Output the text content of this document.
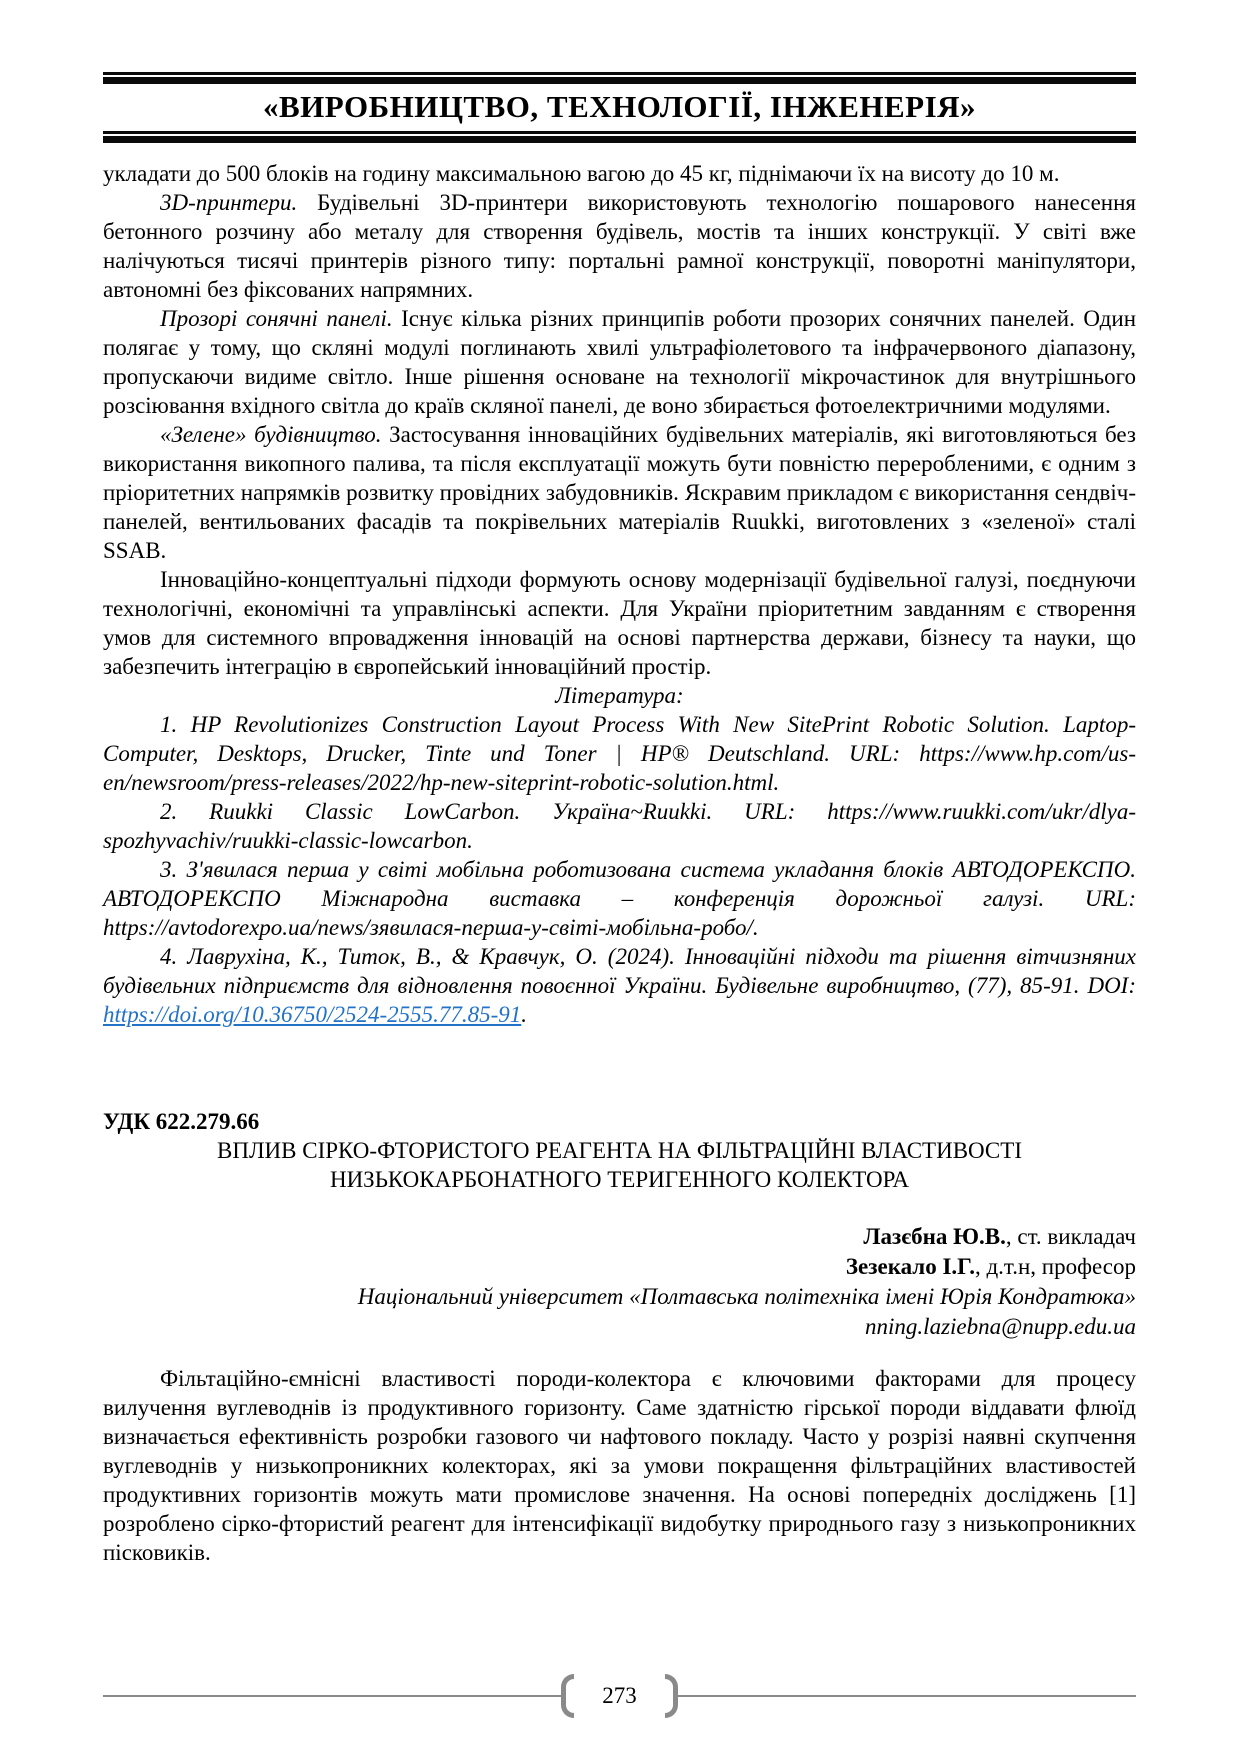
«ВИРОБНИЦТВО, ТЕХНОЛОГІЇ, ІНЖЕНЕРІЯ»

укладати до 500 блоків на годину максимальною вагою до 45 кг, піднімаючи їх на висоту до 10 м.

3D-принтери. Будівельні 3D-принтери використовують технологію пошарового нанесення бетонного розчину або металу для створення будівель, мостів та інших конструкції. У світі вже налічуються тисячі принтерів різного типу: портальні рамної конструкції, поворотні маніпулятори, автономні без фіксованих напрямних.

Прозорі сонячні панелі. Існує кілька різних принципів роботи прозорих сонячних панелей. Один полягає у тому, що скляні модулі поглинають хвилі ультрафіолетового та інфрачервоного діапазону, пропускаючи видиме світло. Інше рішення основане на технології мікрочастинок для внутрішнього розсіювання вхідного світла до країв скляної панелі, де воно збирається фотоелектричними модулями.

«Зелене» будівництво. Застосування інноваційних будівельних матеріалів, які виготовляються без використання викопного палива, та після експлуатації можуть бути повністю переробленими, є одним з пріоритетних напрямків розвитку провідних забудовників. Яскравим прикладом є використання сендвіч-панелей, вентильованих фасадів та покрівельних матеріалів Ruukki, виготовлених з «зеленої» сталі SSAB.

Інноваційно-концептуальні підходи формують основу модернізації будівельної галузі, поєднуючи технологічні, економічні та управлінські аспекти. Для України пріоритетним завданням є створення умов для системного впровадження інновацій на основі партнерства держави, бізнесу та науки, що забезпечить інтеграцію в європейський інноваційний простір.

Література:

1. HP Revolutionizes Construction Layout Process With New SitePrint Robotic Solution. Laptop-Computer, Desktops, Drucker, Tinte und Toner | HP® Deutschland. URL: https://www.hp.com/us-en/newsroom/press-releases/2022/hp-new-siteprint-robotic-solution.html.

2. Ruukki Classic LowCarbon. Україна~Ruukki. URL: https://www.ruukki.com/ukr/dlya-spozhyvachiv/ruukki-classic-lowcarbon.

3. З'явилася перша у світі мобільна роботизована система укладання блоків АВТОДОРЕКСПО. АВТОДОРЕКСПО Міжнародна виставка – конференція дорожньої галузі. URL: https://avtodorexpo.ua/news/зявилася-перша-у-світі-мобільна-робо/.

4. Лаврухіна, К., Титок, В., & Кравчук, О. (2024). Інноваційні підходи та рішення вітчизняних будівельних підприємств для відновлення повоєнної України. Будівельне виробництво, (77), 85-91. DOI: https://doi.org/10.36750/2524-2555.77.85-91.

УДК 622.279.66

ВПЛИВ СІРКО-ФТОРИСТОГО РЕАГЕНТА НА ФІЛЬТРАЦІЙНІ ВЛАСТИВОСТІ НИЗЬКОКАРБОНАТНОГО ТЕРИГЕННОГО КОЛЕКТОРА

Лазєбна Ю.В., ст. викладач
Зезекало І.Г., д.т.н, професор
Національний університет «Полтавська політехніка імені Юрія Кондратюка»
nning.laziebna@nupp.edu.ua

Фільтаційно-ємнісні властивості породи-колектора є ключовими факторами для процесу вилучення вуглеводнів із продуктивного горизонту. Саме здатністю гірської породи віддавати флюїд визначається ефективність розробки газового чи нафтового покладу. Часто у розрізі наявні скупчення вуглеводнів у низькопроникних колекторах, які за умови покращення фільтраційних властивостей продуктивних горизонтів можуть мати промислове значення. На основі попередніх досліджень [1] розроблено сірко-фтористий реагент для інтенсифікації видобутку природнього газу з низькопроникних пісковиків.

273
